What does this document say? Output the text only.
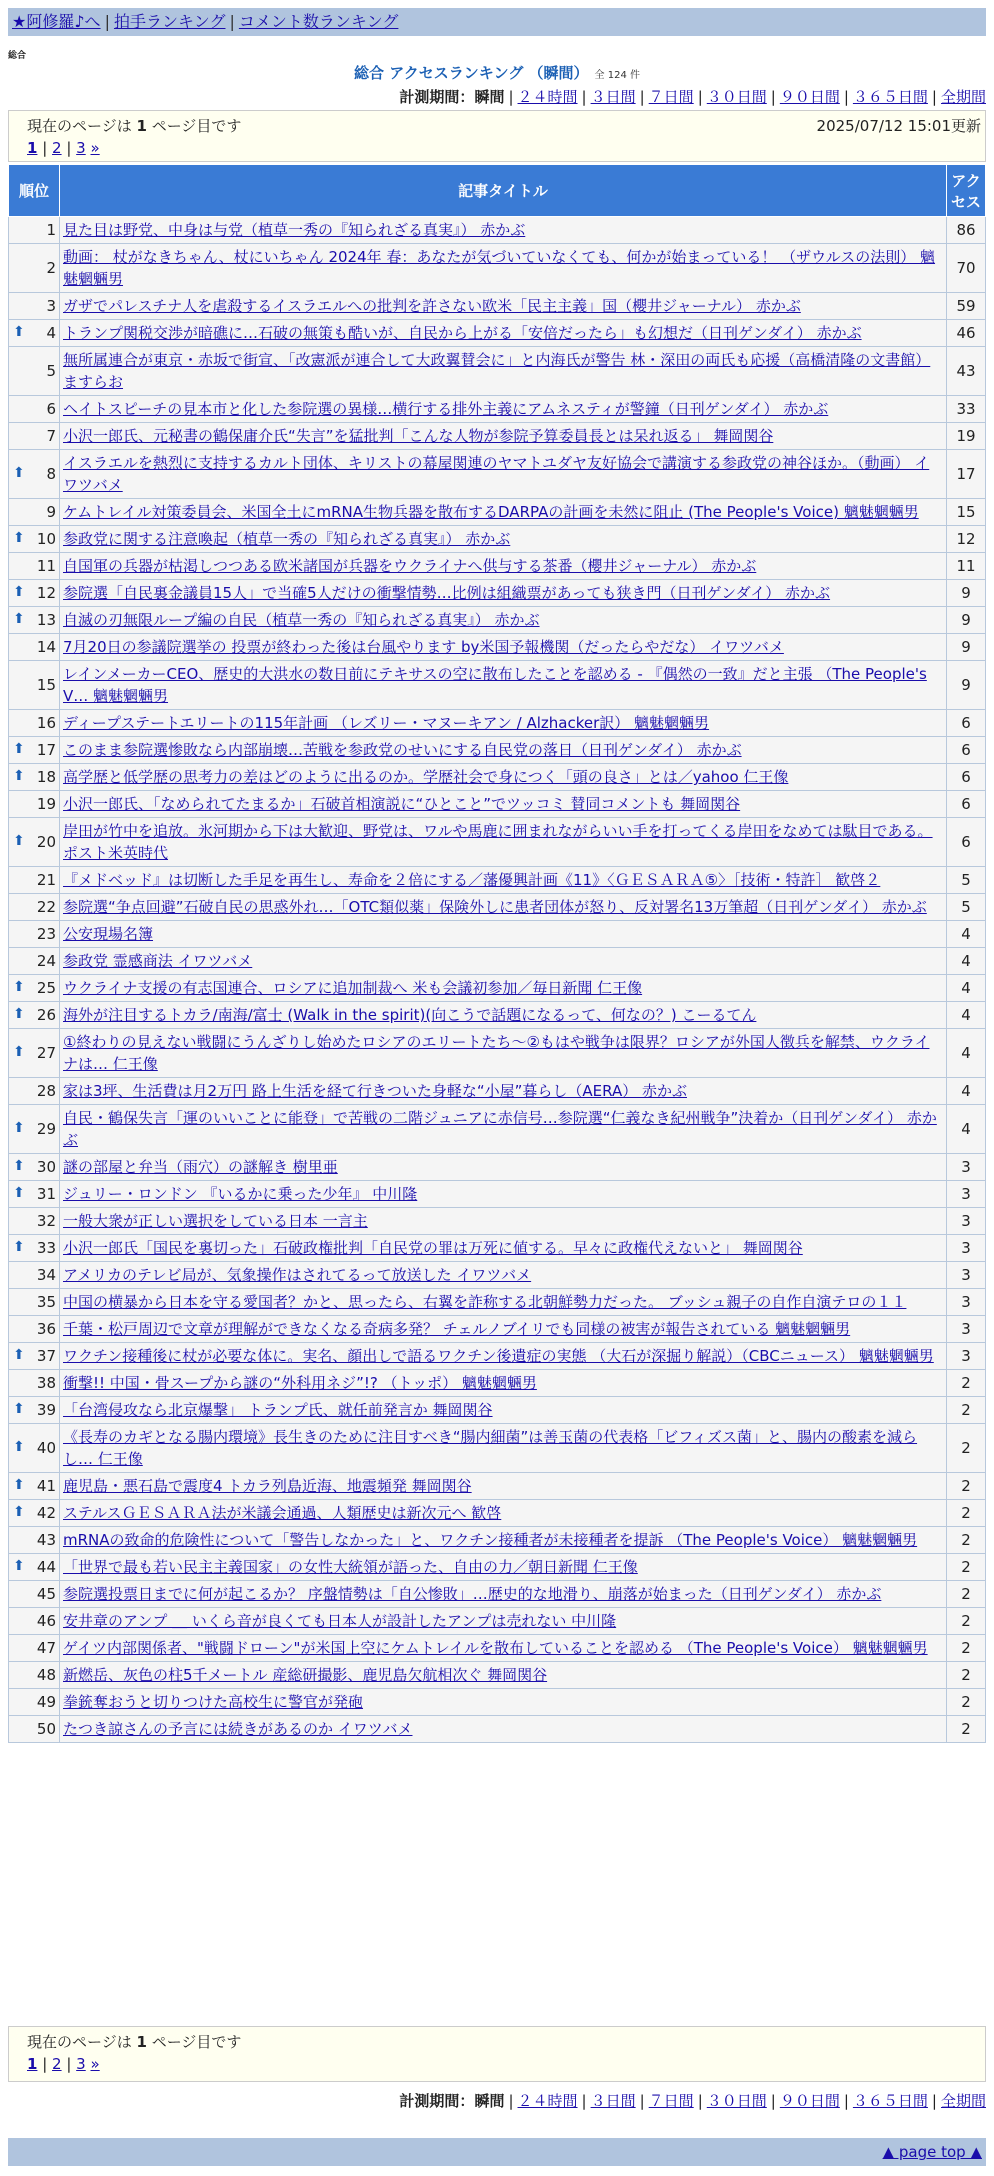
★阿修羅♪へ | 拍手ランキング | コメント数ランキング
総合
総合 アクセスランキング （瞬間） 全 124 件
計測期間：瞬間 | ２４時間 | ３日間 | ７日間 | ３０日間 | ９０日間 | ３６５日間 | 全期間
現在のページは 1 ページ目です	2025/07/12 15:01更新
1 | 2 | 3 »
順位	記事タイトル	アクセス
1	見た目は野党、中身は与党（植草一秀の『知られざる真実』） 赤かぶ	86
2	動画： 杖がなきちゃん、杖にいちゃん 2024年 春：あなたが気づいていなくても、何かが始まっている！ （ザウルスの法則） 魑魅魍魎男	70
3	ガザでパレスチナ人を虐殺するイスラエルへの批判を許さない欧米「民主主義」国（櫻井ジャーナル） 赤かぶ	59

⬆ 4	トランプ関税交渉が暗礁に…石破の無策も酷いが、自民から上がる「安倍だったら」も幻想だ（日刊ゲンダイ） 赤かぶ	46
5	無所属連合が東京・赤坂で街宣、「改憲派が連合して大政翼賛会に」と内海氏が警告 林・深田の両氏も応援（高橋清隆の文書館） ますらお	43
6	ヘイトスピーチの見本市と化した参院選の異様…横行する排外主義にアムネスティが警鐘（日刊ゲンダイ） 赤かぶ	33
7	小沢一郎氏、元秘書の鶴保庸介氏“失言”を猛批判「こんな人物が参院予算委員長とは呆れ返る」 舞岡関谷	19

⬆ 8	イスラエルを熱烈に支持するカルト団体、キリストの幕屋関連のヤマトユダヤ友好協会で講演する参政党の神谷ほか。（動画） イワツバメ	17
9	ケムトレイル対策委員会、米国全土にmRNA生物兵器を散布するDARPAの計画を未然に阻止 (The People's Voice) 魑魅魍魎男	15

⬆ 10	参政党に関する注意喚起（植草一秀の『知られざる真実』） 赤かぶ	12
11	自国軍の兵器が枯渇しつつある欧米諸国が兵器をウクライナへ供与する茶番（櫻井ジャーナル） 赤かぶ	11

⬆ 12	参院選「自民裏金議員15人」で当確5人だけの衝撃情勢…比例は組織票があっても狭き門（日刊ゲンダイ） 赤かぶ	9

⬆ 13	自滅の刃無限ループ編の自民（植草一秀の『知られざる真実』） 赤かぶ	9
14	7月20日の参議院選挙の 投票が終わった後は台風やります by米国予報機関（だったらやだな） イワツバメ	9
15	レインメーカーCEO、歴史的大洪水の数日前にテキサスの空に散布したことを認める - 『偶然の一致』だと主張 （The People's V… 魑魅魍魎男	9
16	ディープステートエリートの115年計画 （レズリー・マヌーキアン / Alzhacker訳） 魑魅魍魎男	6

⬆ 17	このまま参院選惨敗なら内部崩壊…苦戦を参政党のせいにする自民党の落日（日刊ゲンダイ） 赤かぶ	6

⬆ 18	高学歴と低学歴の思考力の差はどのように出るのか。学歴社会で身につく「頭の良さ」とは／yahoo 仁王像	6
19	小沢一郎氏、「なめられてたまるか」石破首相演説に“ひとこと”でツッコミ 賛同コメントも 舞岡関谷	6

⬆ 20	岸田が竹中を追放。氷河期から下は大歓迎、野党は、ワルや馬鹿に囲まれながらいい手を打ってくる岸田をなめては駄目である。 ポスト米英時代	6
21	『メドベッド』は切断した手足を再生し、寿命を２倍にする／藩優興計画《11》〈ＧＥＳＡＲＡ⑤〉［技術・特許］ 歓啓２	5
22	参院選“争点回避”石破自民の思惑外れ…「OTC類似薬」保険外しに患者団体が怒り、反対署名13万筆超（日刊ゲンダイ） 赤かぶ	5
23	公安現場名簿	4
24	参政党 霊感商法 イワツバメ	4

⬆ 25	ウクライナ支援の有志国連合、ロシアに追加制裁へ 米も会議初参加／毎日新聞 仁王像	4

⬆ 26	海外が注目するトカラ/南海/富士 (Walk in the spirit)(向こうで話題になるって、何なの？) こーるてん	4

⬆ 27	①終わりの見えない戦闘にうんざりし始めたロシアのエリートたち〜②もはや戦争は限界？ロシアが外国人徴兵を解禁、ウクライナは… 仁王像	4
28	家は3坪、生活費は月2万円 路上生活を経て行きついた身軽な“小屋”暮らし（AERA） 赤かぶ	4

⬆ 29	自民・鶴保失言「運のいいことに能登」で苦戦の二階ジュニアに赤信号…参院選“仁義なき紀州戦争”決着か（日刊ゲンダイ） 赤かぶ	4

⬆ 30	謎の部屋と弁当（雨穴）の謎解き 樹里亜	3

⬆ 31	ジュリー・ロンドン 『いるかに乗った少年』 中川隆	3
32	一般大衆が正しい選択をしている日本 一言主	3

⬆ 33	小沢一郎氏「国民を裏切った」石破政権批判「自民党の罪は万死に値する。早々に政権代えないと」 舞岡関谷	3
34	アメリカのテレビ局が、気象操作はされてるって放送した イワツバメ	3
35	中国の横暴から日本を守る愛国者？かと、思ったら、右翼を詐称する北朝鮮勢力だった。 ブッシュ親子の自作自演テロの１１	3
36	千葉・松戸周辺で文章が理解ができなくなる奇病多発？ チェルノブイリでも同様の被害が報告されている 魑魅魍魎男	3

⬆ 37	ワクチン接種後に杖が必要な体に。実名、顔出しで語るワクチン後遺症の実態 （大石が深掘り解説）（CBCニュース） 魑魅魍魎男	3
38	衝撃!! 中国・骨スープから謎の“外科用ネジ”!? （トッポ） 魑魅魍魎男	2

⬆ 39	「台湾侵攻なら北京爆撃」 トランプ氏、就任前発言か 舞岡関谷	2

⬆ 40	《長寿のカギとなる腸内環境》長生きのために注目すべき“腸内細菌”は善玉菌の代表格「ビフィズス菌」と、腸内の酸素を減らし… 仁王像	2

⬆ 41	鹿児島・悪石島で震度4 トカラ列島近海、地震頻発 舞岡関谷	2

⬆ 42	ステルスＧＥＳＡＲＡ法が米議会通過、人類歴史は新次元へ 歓啓	2
43	mRNAの致命的危険性について「警告しなかった」と、ワクチン接種者が未接種者を提訴 （The People's Voice） 魑魅魍魎男	2

⬆ 44	「世界で最も若い民主主義国家」の女性大統領が語った、自由の力／朝日新聞 仁王像	2
45	参院選投票日までに何が起こるか？ 序盤情勢は「自公惨敗」…歴史的な地滑り、崩落が始まった（日刊ゲンダイ） 赤かぶ	2
46	安井章のアンプ ＿ いくら音が良くても日本人が設計したアンプは売れない 中川隆	2
47	ゲイツ内部関係者、"戦闘ドローン"が米国上空にケムトレイルを散布していることを認める （The People's Voice） 魑魅魍魎男	2
48	新燃岳、灰色の柱5千メートル 産総研撮影、鹿児島欠航相次ぐ 舞岡関谷	2
49	拳銃奪おうと切りつけた高校生に警官が発砲	2
50	たつき諒さんの予言には続きがあるのか イワツバメ	2
現在のページは 1 ページ目です
1 | 2 | 3 »
計測期間：瞬間 | ２４時間 | ３日間 | ７日間 | ３０日間 | ９０日間 | ３６５日間 | 全期間
▲ page top ▲
